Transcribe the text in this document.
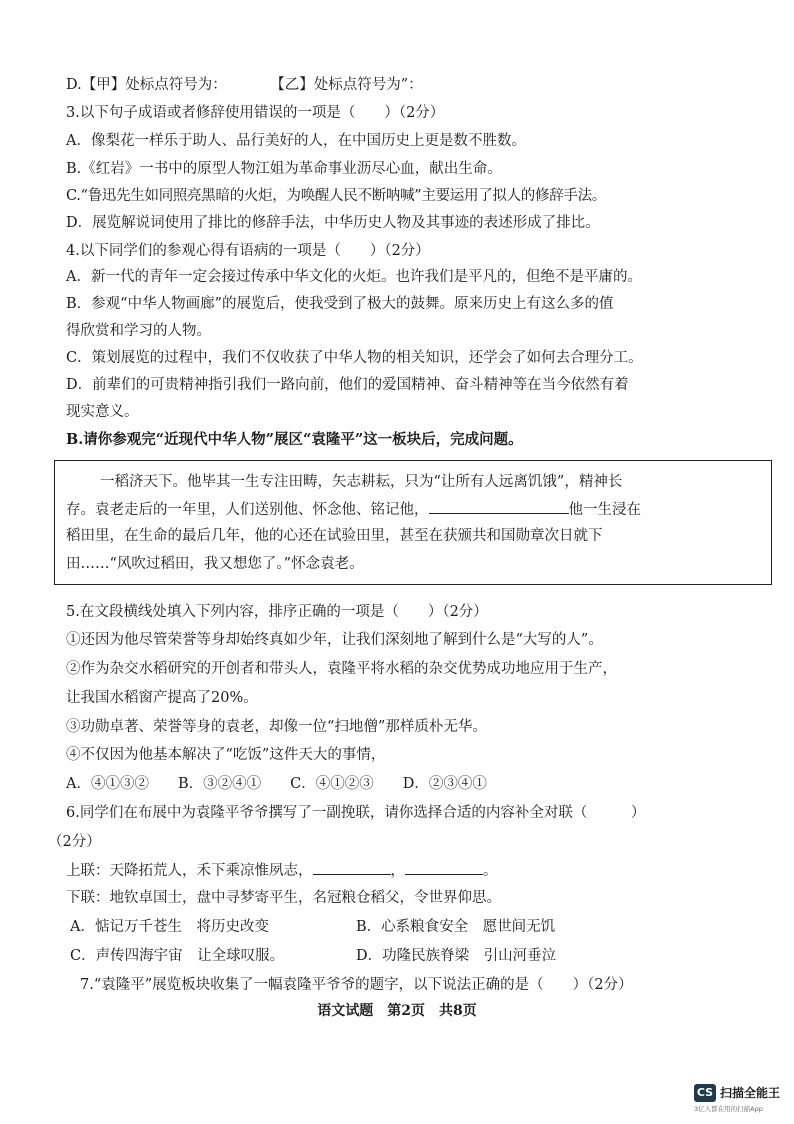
D.【甲】处标点符号为：　　　　【乙】处标点符号为”：
3.以下句子成语或者修辞使用错误的一项是（　　）（2分）
A．像梨花一样乐于助人、品行美好的人，在中国历史上更是数不胜数。
B.《红岩》一书中的原型人物江姐为革命事业沥尽心血，献出生命。
C.“鲁迅先生如同照亮黑暗的火炬，为唤醒人民不断呐喊”主要运用了拟人的修辞手法。
D．展览解说词使用了排比的修辞手法，中华历史人物及其事迹的表述形成了排比。
4.以下同学们的参观心得有语病的一项是（　　）（2分）
A．新一代的青年一定会接过传承中华文化的火炬。也许我们是平凡的，但绝不是平庸的。
B．参观“中华人物画廊”的展览后，使我受到了极大的鼓舞。原来历史上有这么多的值
得欣赏和学习的人物。
C．策划展览的过程中，我们不仅收获了中华人物的相关知识，还学会了如何去合理分工。
D．前辈们的可贵精神指引我们一路向前，他们的爱国精神、奋斗精神等在当今依然有着
现实意义。
B.请你参观完“近现代中华人物”展区“袁隆平”这一板块后，完成问题。
一稻济天下。他毕其一生专注田畴，矢志耕耘，只为“让所有人远离饥饿”，精神长
存。袁老走后的一年里，人们送别他、怀念他、铭记他，	他一生浸在
稻田里，在生命的最后几年，他的心还在试验田里，甚至在获颁共和国勋章次日就下
田……“风吹过稻田，我又想您了。”怀念袁老。
5.在文段横线处填入下列内容，排序正确的一项是（　　）（2分）
①还因为他尽管荣誉等身却始终真如少年，让我们深刻地了解到什么是“大写的人”。
②作为杂交水稻研究的开创者和带头人，袁隆平将水稻的杂交优势成功地应用于生产，
让我国水稻窗产提高了20%。
③功勋卓著、荣誉等身的袁老，却像一位“扫地僧”那样质朴无华。
④不仅因为他基本解决了“吃饭”这件天大的事情，
A．④①③②　　B．③②④①　　C．④①②③　　D．②③④①
6.同学们在布展中为袁隆平爷爷撰写了一副挽联，请你选择合适的内容补全对联（　　　）
（2分）
上联：天降拓荒人，禾下乘凉惟夙志，	，	。
下联：地钦卓国士，盘中寻梦寄平生，名冠粮仓稻父，令世界仰思。
A．惦记万千苍生　将历史改变	B．心系粮食安全　愿世间无饥
C．声传四海宇宙　让全球叹服。	D．功隆民族脊梁　引山河垂泣
7.“袁隆平”展览板块收集了一幅袁隆平爷爷的题字，以下说法正确的是（　　）（2分）
语文试题　第2页　共8页
CS 扫描全能王
3亿人都在用的扫描App
